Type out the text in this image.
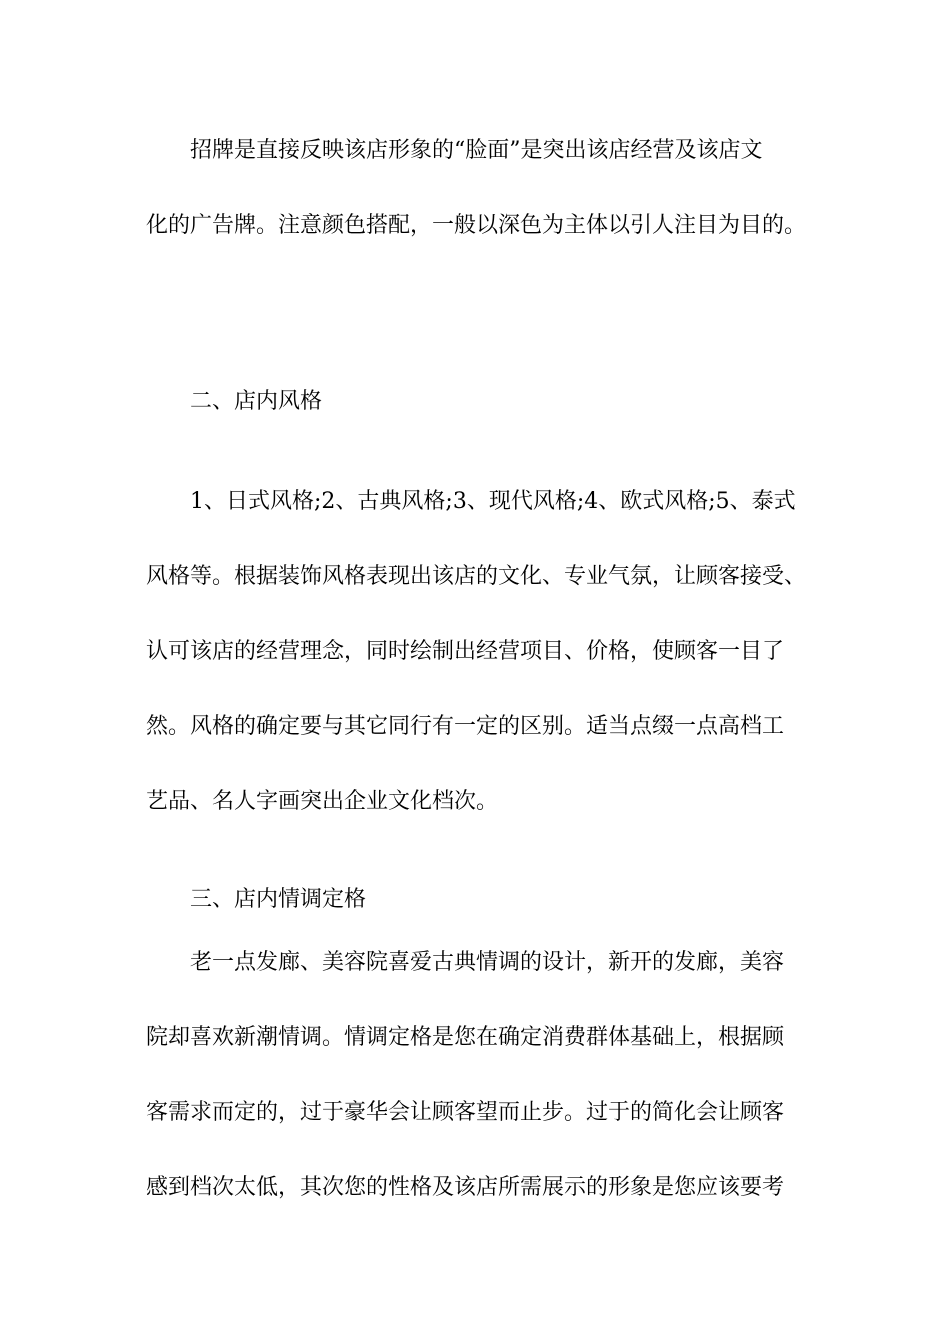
招牌是直接反映该店形象的“脸面”是突出该店经营及该店文
化的广告牌。注意颜色搭配，一般以深色为主体以引人注目为目的。
二、店内风格
1、日式风格;2、古典风格;3、现代风格;4、欧式风格;5、泰式
风格等。根据装饰风格表现出该店的文化、专业气氛，让顾客接受、
认可该店的经营理念，同时绘制出经营项目、价格，使顾客一目了
然。风格的确定要与其它同行有一定的区别。适当点缀一点高档工
艺品、名人字画突出企业文化档次。
三、店内情调定格
老一点发廊、美容院喜爱古典情调的设计，新开的发廊，美容
院却喜欢新潮情调。情调定格是您在确定消费群体基础上，根据顾
客需求而定的，过于豪华会让顾客望而止步。过于的简化会让顾客
感到档次太低，其次您的性格及该店所需展示的形象是您应该要考
